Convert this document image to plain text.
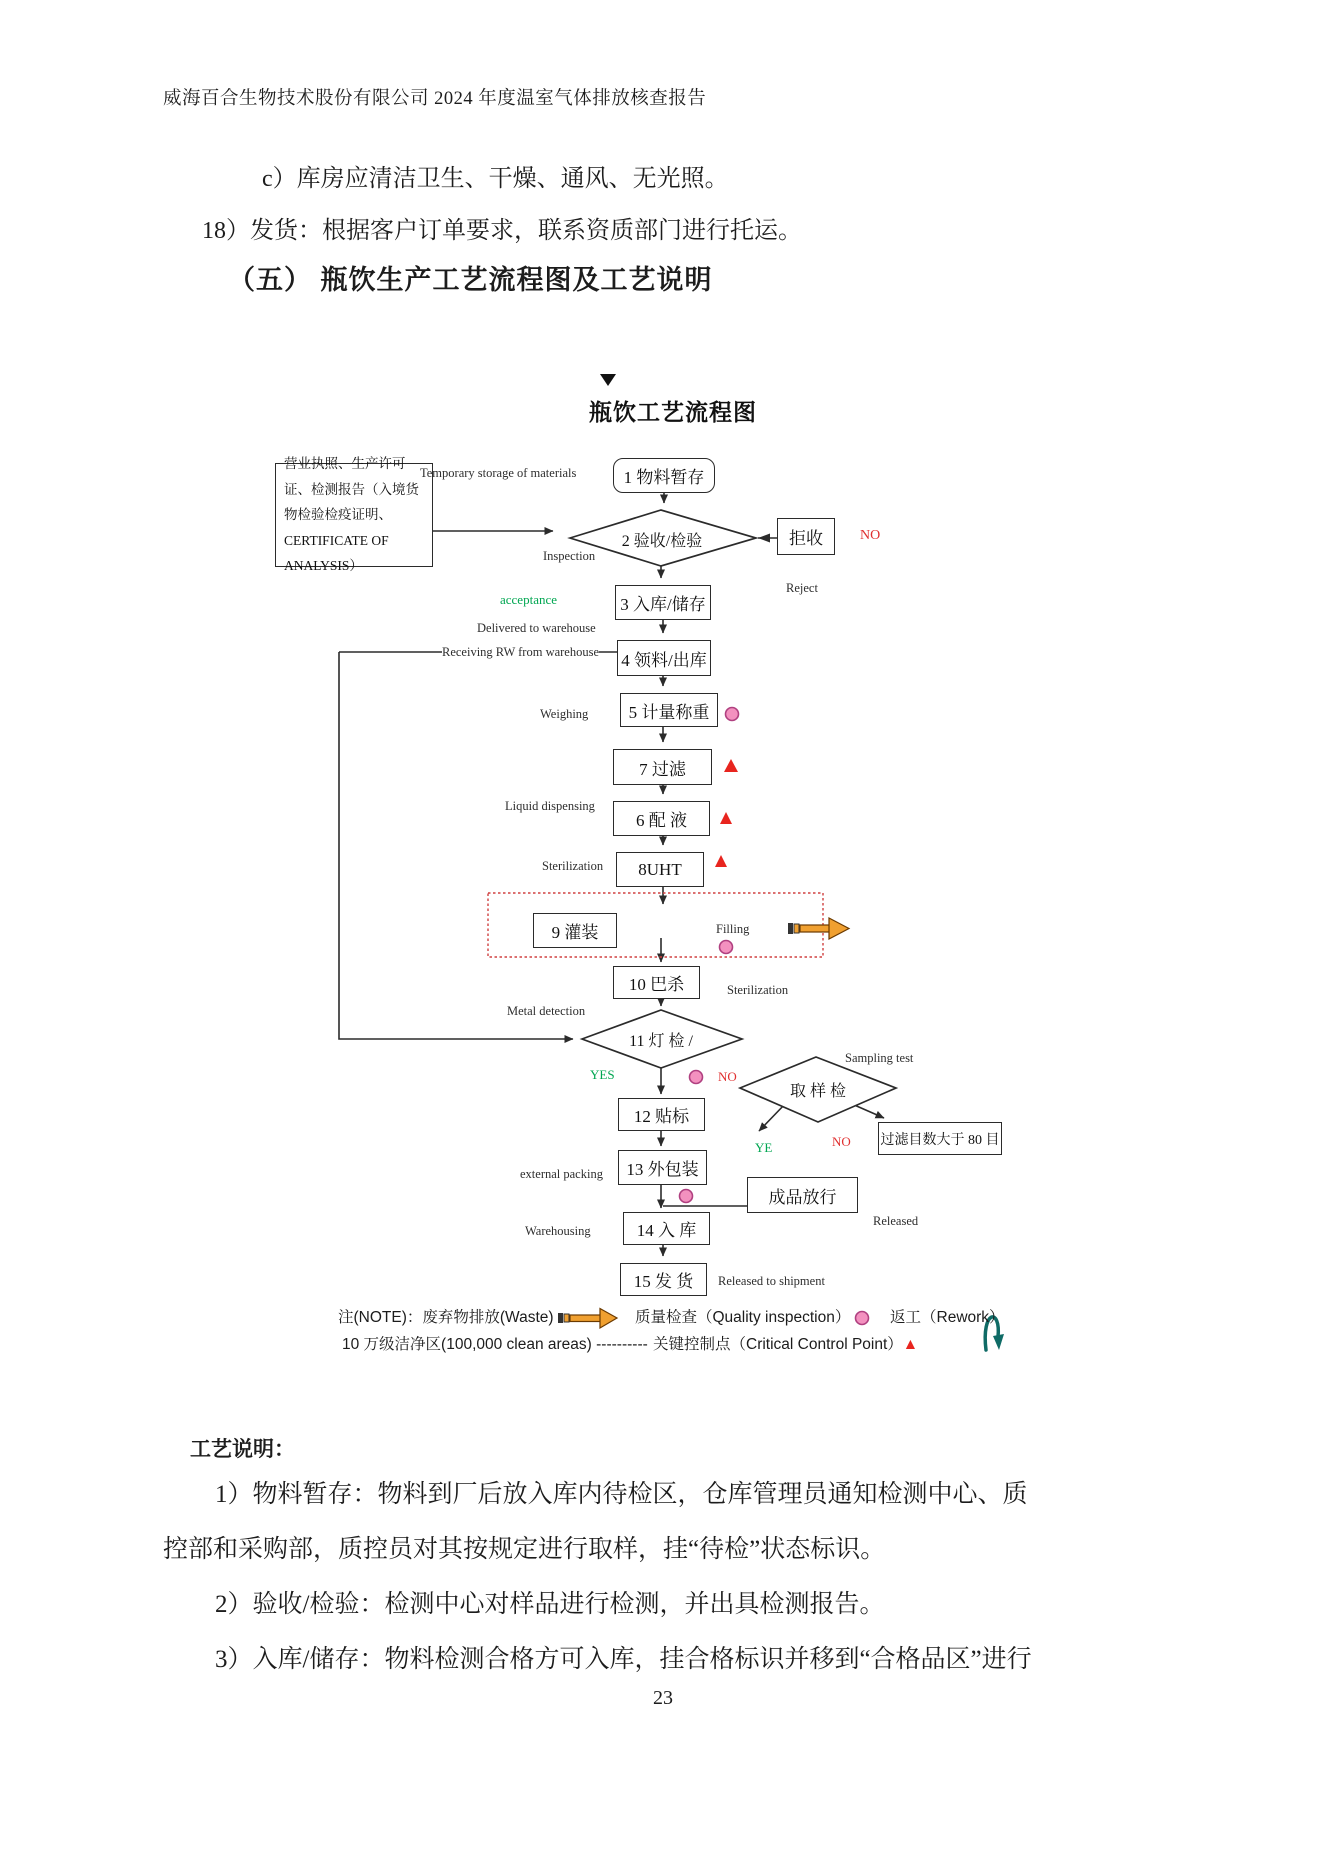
威海百合生物技术股份有限公司 2024 年度温室气体排放核查报告
c）库房应清洁卫生、干燥、通风、无光照。
18）发货：根据客户订单要求，联系资质部门进行托运。
（五） 瓶饮生产工艺流程图及工艺说明
瓶饮工艺流程图
营业执照、生产许可证、检测报告（入境货物检验检疫证明、CERTIFICATE OF ANALYSIS）
1 物料暂存
拒收
3 入库/储存
4 领料/出库
5 计量称重
7 过滤
6 配 液
8UHT
9 灌装
10 巴杀
12 贴标
13 外包装
成品放行
14 入 库
15 发 货
过滤目数大于 80 目
2 验收/检验
11 灯 检 /
取 样 检
Temporary storage of materials
Inspection
acceptance
NO
Reject
Delivered to warehouse
Receiving RW from warehouse
Weighing
Liquid dispensing
Sterilization
Filling
Sterilization
Metal detection
YES	NO
Sampling test
YE	NO
external packing
Released
Warehousing
Released to shipment
注(NOTE)：废弃物排放(Waste)	质量检查（Quality inspection）	返工（Rework）
10 万级洁净区(100,000 clean areas) ---------- 关键控制点（Critical Control Point）▲
工艺说明：
1）物料暂存：物料到厂后放入库内待检区，仓库管理员通知检测中心、质
控部和采购部，质控员对其按规定进行取样，挂“待检”状态标识。
2）验收/检验：检测中心对样品进行检测，并出具检测报告。
3）入库/储存：物料检测合格方可入库，挂合格标识并移到“合格品区”进行
23
